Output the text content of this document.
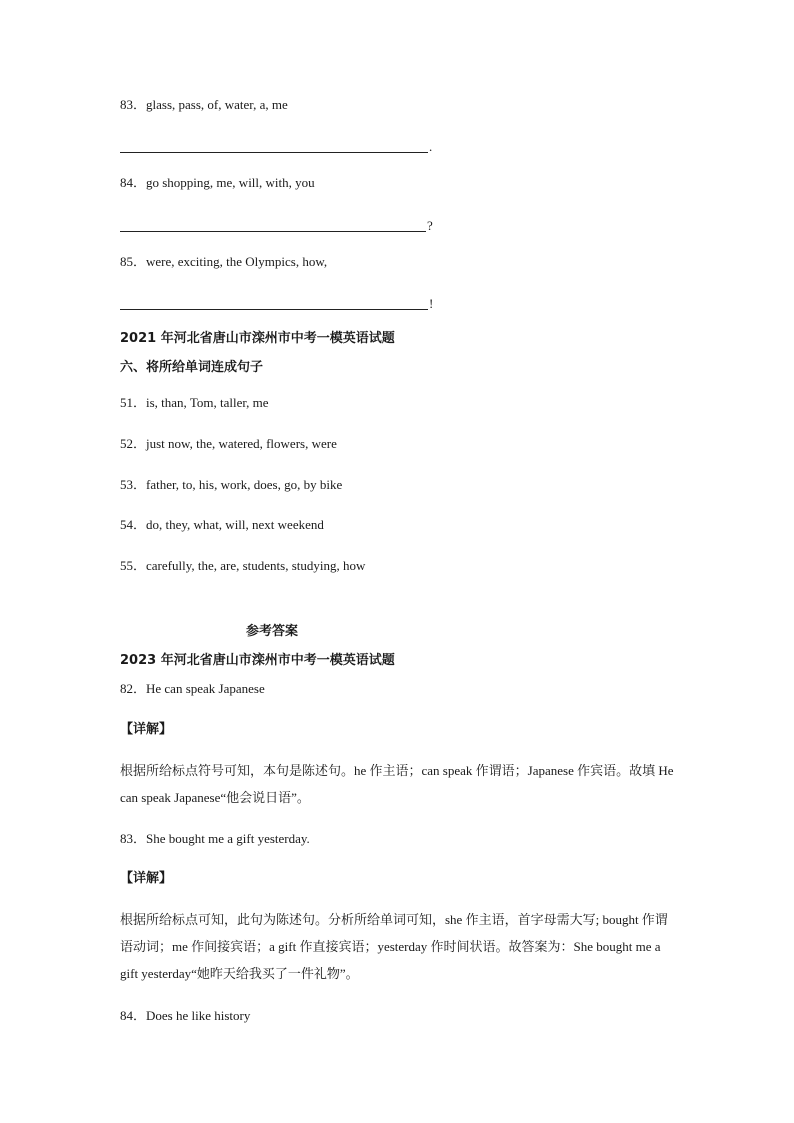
83．glass, pass, of, water, a, me
.
84．go shopping, me, will, with, you
?
85．were, exciting, the Olympics, how,
!
2021 年河北省唐山市滦州市中考一模英语试题
六、将所给单词连成句子
51．is, than, Tom, taller, me
52．just now, the, watered, flowers, were
53．father, to, his, work, does, go, by bike
54．do, they, what, will, next weekend
55．carefully, the, are, students, studying, how
参考答案
2023 年河北省唐山市滦州市中考一模英语试题
82．He can speak Japanese
【详解】
根据所给标点符号可知，本句是陈述句。he 作主语；can speak 作谓语；Japanese 作宾语。故填 He can speak Japanese“他会说日语”。
83．She bought me a gift yesterday.
【详解】
根据所给标点可知，此句为陈述句。分析所给单词可知，she 作主语，首字母需大写; bought 作谓语动词；me 作间接宾语；a gift 作直接宾语；yesterday 作时间状语。故答案为：She bought me a gift yesterday“她昨天给我买了一件礼物”。
84．Does he like history
